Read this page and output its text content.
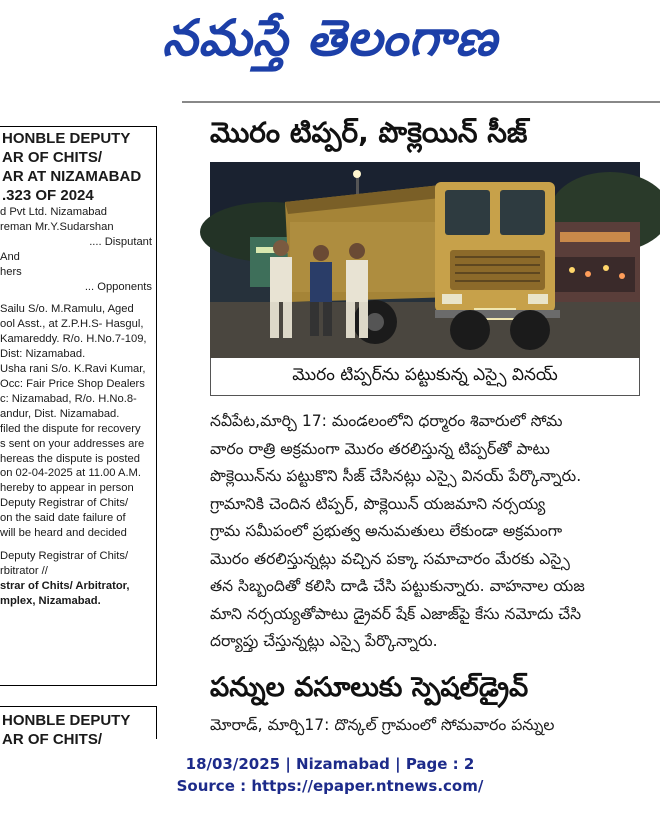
నమస్తే తెలంగాణ
HONBLE DEPUTY
AR OF CHITS/
AR AT NIZAMABAD
.323 OF 2024

d Pvt Ltd. Nizamabad

reman Mr.Y.Sudarshan

.... Disputant

And

hers

... Opponents

Sailu S/o. M.Ramulu, Aged

ool Asst., at Z.P.H.S- Hasgul,

Kamareddy. R/o. H.No.7-109,

Dist: Nizamabad.

Usha rani S/o. K.Ravi Kumar,

Occ: Fair Price Shop Dealers

c: Nizamabad, R/o. H.No.8-

andur, Dist. Nizamabad.

filed the dispute for recovery

s sent on your addresses are

hereas the dispute is posted

on 02-04-2025 at 11.00 A.M.

hereby to appear in person

Deputy Registrar of Chits/

on the said date failure of

will be heard and decided

Deputy Registrar of Chits/

rbitrator //

strar of Chits/ Arbitrator,

mplex, Nizamabad.

HONBLE DEPUTY
AR OF CHITS/
మొరం టిప్పర్, పొక్లెయిన్ సీజ్
మొరం టిప్పర్‌ను పట్టుకున్న ఎస్సై వినయ్

నవీపేట,మార్చి 17: మండలంలోని ధర్మారం శివారులో సోమ

వారం రాత్రి అక్రమంగా మొరం తరలిస్తున్న టిప్పర్‌తో పాటు

పొక్లెయిన్‌ను పట్టుకొని సీజ్ చేసినట్లు ఎస్సై వినయ్ పేర్కొన్నారు.

గ్రామానికి చెందిన టిప్పర్, పొక్లెయిన్ యజమాని నర్సయ్య

గ్రామ సమీపంలో ప్రభుత్వ అనుమతులు లేకుండా అక్రమంగా

మొరం తరలిస్తున్నట్లు వచ్చిన పక్కా సమాచారం మేరకు ఎస్సై

తన సిబ్బందితో కలిసి దాడి చేసి పట్టుకున్నారు. వాహనాల యజ

మాని నర్సయ్యతోపాటు డ్రైవర్ షేక్ ఎజాజ్‌పై కేసు నమోదు చేసి

దర్యాప్తు చేస్తున్నట్లు ఎస్సై పేర్కొన్నారు.

పన్నుల వసూలుకు స్పెషల్‌డ్రైవ్
మోరాడ్, మార్చి17: దొన్కల్ గ్రామంలో సోమవారం పన్నుల
18/03/2025 | Nizamabad | Page : 2
Source : https://epaper.ntnews.com/
